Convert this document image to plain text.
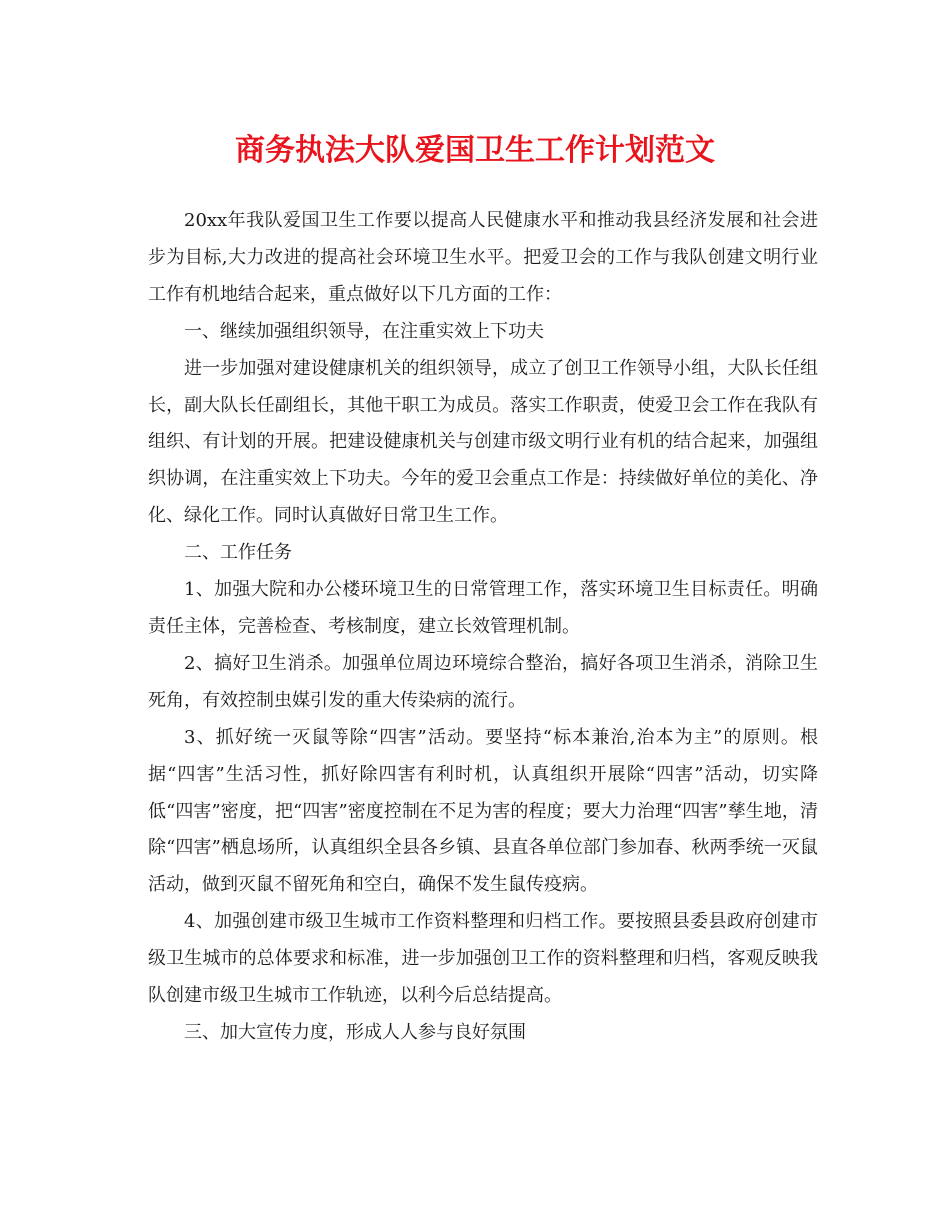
商务执法大队爱国卫生工作计划范文

20xx年我队爱国卫生工作要以提高人民健康水平和推动我县经济发展和社会进步为目标,大力改进的提高社会环境卫生水平。把爱卫会的工作与我队创建文明行业工作有机地结合起来，重点做好以下几方面的工作：

一、继续加强组织领导，在注重实效上下功夫

进一步加强对建设健康机关的组织领导，成立了创卫工作领导小组，大队长任组长，副大队长任副组长，其他干职工为成员。落实工作职责，使爱卫会工作在我队有组织、有计划的开展。把建设健康机关与创建市级文明行业有机的结合起来，加强组织协调，在注重实效上下功夫。今年的爱卫会重点工作是：持续做好单位的美化、净化、绿化工作。同时认真做好日常卫生工作。

二、工作任务

1、加强大院和办公楼环境卫生的日常管理工作，落实环境卫生目标责任。明确责任主体，完善检查、考核制度，建立长效管理机制。

2、搞好卫生消杀。加强单位周边环境综合整治，搞好各项卫生消杀，消除卫生死角，有效控制虫媒引发的重大传染病的流行。

3、抓好统一灭鼠等除“四害”活动。要坚持“标本兼治,治本为主”的原则。根据“四害”生活习性，抓好除四害有利时机，认真组织开展除“四害”活动，切实降低“四害”密度，把“四害”密度控制在不足为害的程度；要大力治理“四害”孳生地，清除“四害”栖息场所，认真组织全县各乡镇、县直各单位部门参加春、秋两季统一灭鼠活动，做到灭鼠不留死角和空白，确保不发生鼠传疫病。

4、加强创建市级卫生城市工作资料整理和归档工作。要按照县委县政府创建市级卫生城市的总体要求和标准，进一步加强创卫工作的资料整理和归档，客观反映我队创建市级卫生城市工作轨迹，以利今后总结提高。

三、加大宣传力度，形成人人参与良好氛围
